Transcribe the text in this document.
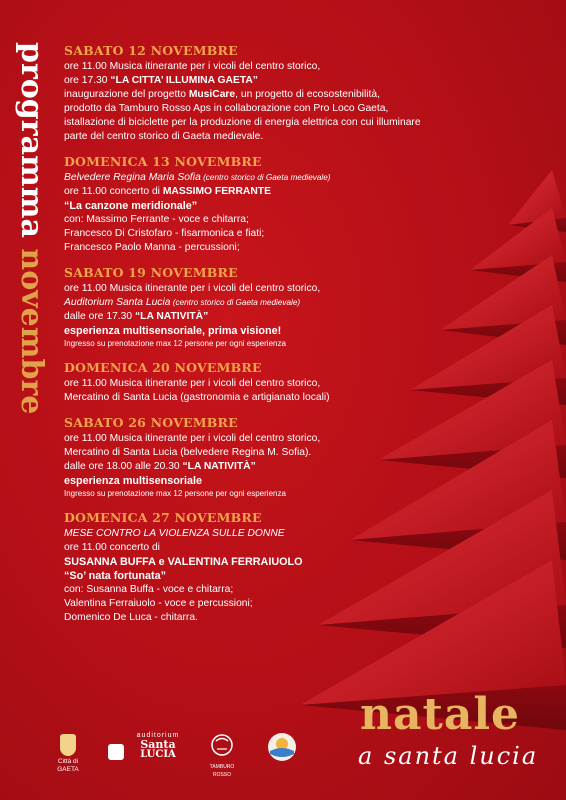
programma novembre
SABATO 12 NOVEMBRE
ore 11.00 Musica itinerante per i vicoli del centro storico,
ore 17.30 “LA CITTA’ ILLUMINA GAETA”
inaugurazione del progetto MusiCare, un progetto di ecosostenibilità,
prodotto da Tamburo Rosso Aps in collaborazione con Pro Loco Gaeta,
istallazione di biciclette per la produzione di energia elettrica con cui illuminare
parte del centro storico di Gaeta medievale.
DOMENICA 13 NOVEMBRE
Belvedere Regina Maria Sofia (centro storico di Gaeta medievale)
ore 11.00 concerto di MASSIMO FERRANTE
“La canzone meridionale”
con: Massimo Ferrante - voce e chitarra;
Francesco Di Cristofaro - fisarmonica e fiati;
Francesco Paolo Manna - percussioni;
SABATO 19 NOVEMBRE
ore 11.00 Musica itinerante per i vicoli del centro storico,
Auditorium Santa Lucia (centro storico di Gaeta medievale)
dalle ore 17.30 “LA NATIVITÀ”
esperienza multisensoriale, prima visione!
Ingresso su prenotazione max 12 persone per ogni esperienza
DOMENICA 20 NOVEMBRE
ore 11.00 Musica itinerante per i vicoli del centro storico,
Mercatino di Santa Lucia (gastronomia e artigianato locali)
SABATO 26 NOVEMBRE
ore 11.00 Musica itinerante per i vicoli del centro storico,
Mercatino di Santa Lucia (belvedere Regina M. Sofia).
dalle ore 18.00 alle 20.30 “LA NATIVITÀ”
esperienza multisensoriale
Ingresso su prenotazione max 12 persone per ogni esperienza
DOMENICA 27 NOVEMBRE
MESE CONTRO LA VIOLENZA SULLE DONNE
ore 11.00 concerto di
SUSANNA BUFFA e VALENTINA FERRAIUOLO
“So’ nata fortunata”
con: Susanna Buffa - voce e chitarra;
Valentina Ferraiuolo - voce e percussioni;
Domenico De Luca - chitarra.
natale
a santa lucia
Città di
GAETA
auditorium
Santa
LUCIA
TAMBURO ROSSO
